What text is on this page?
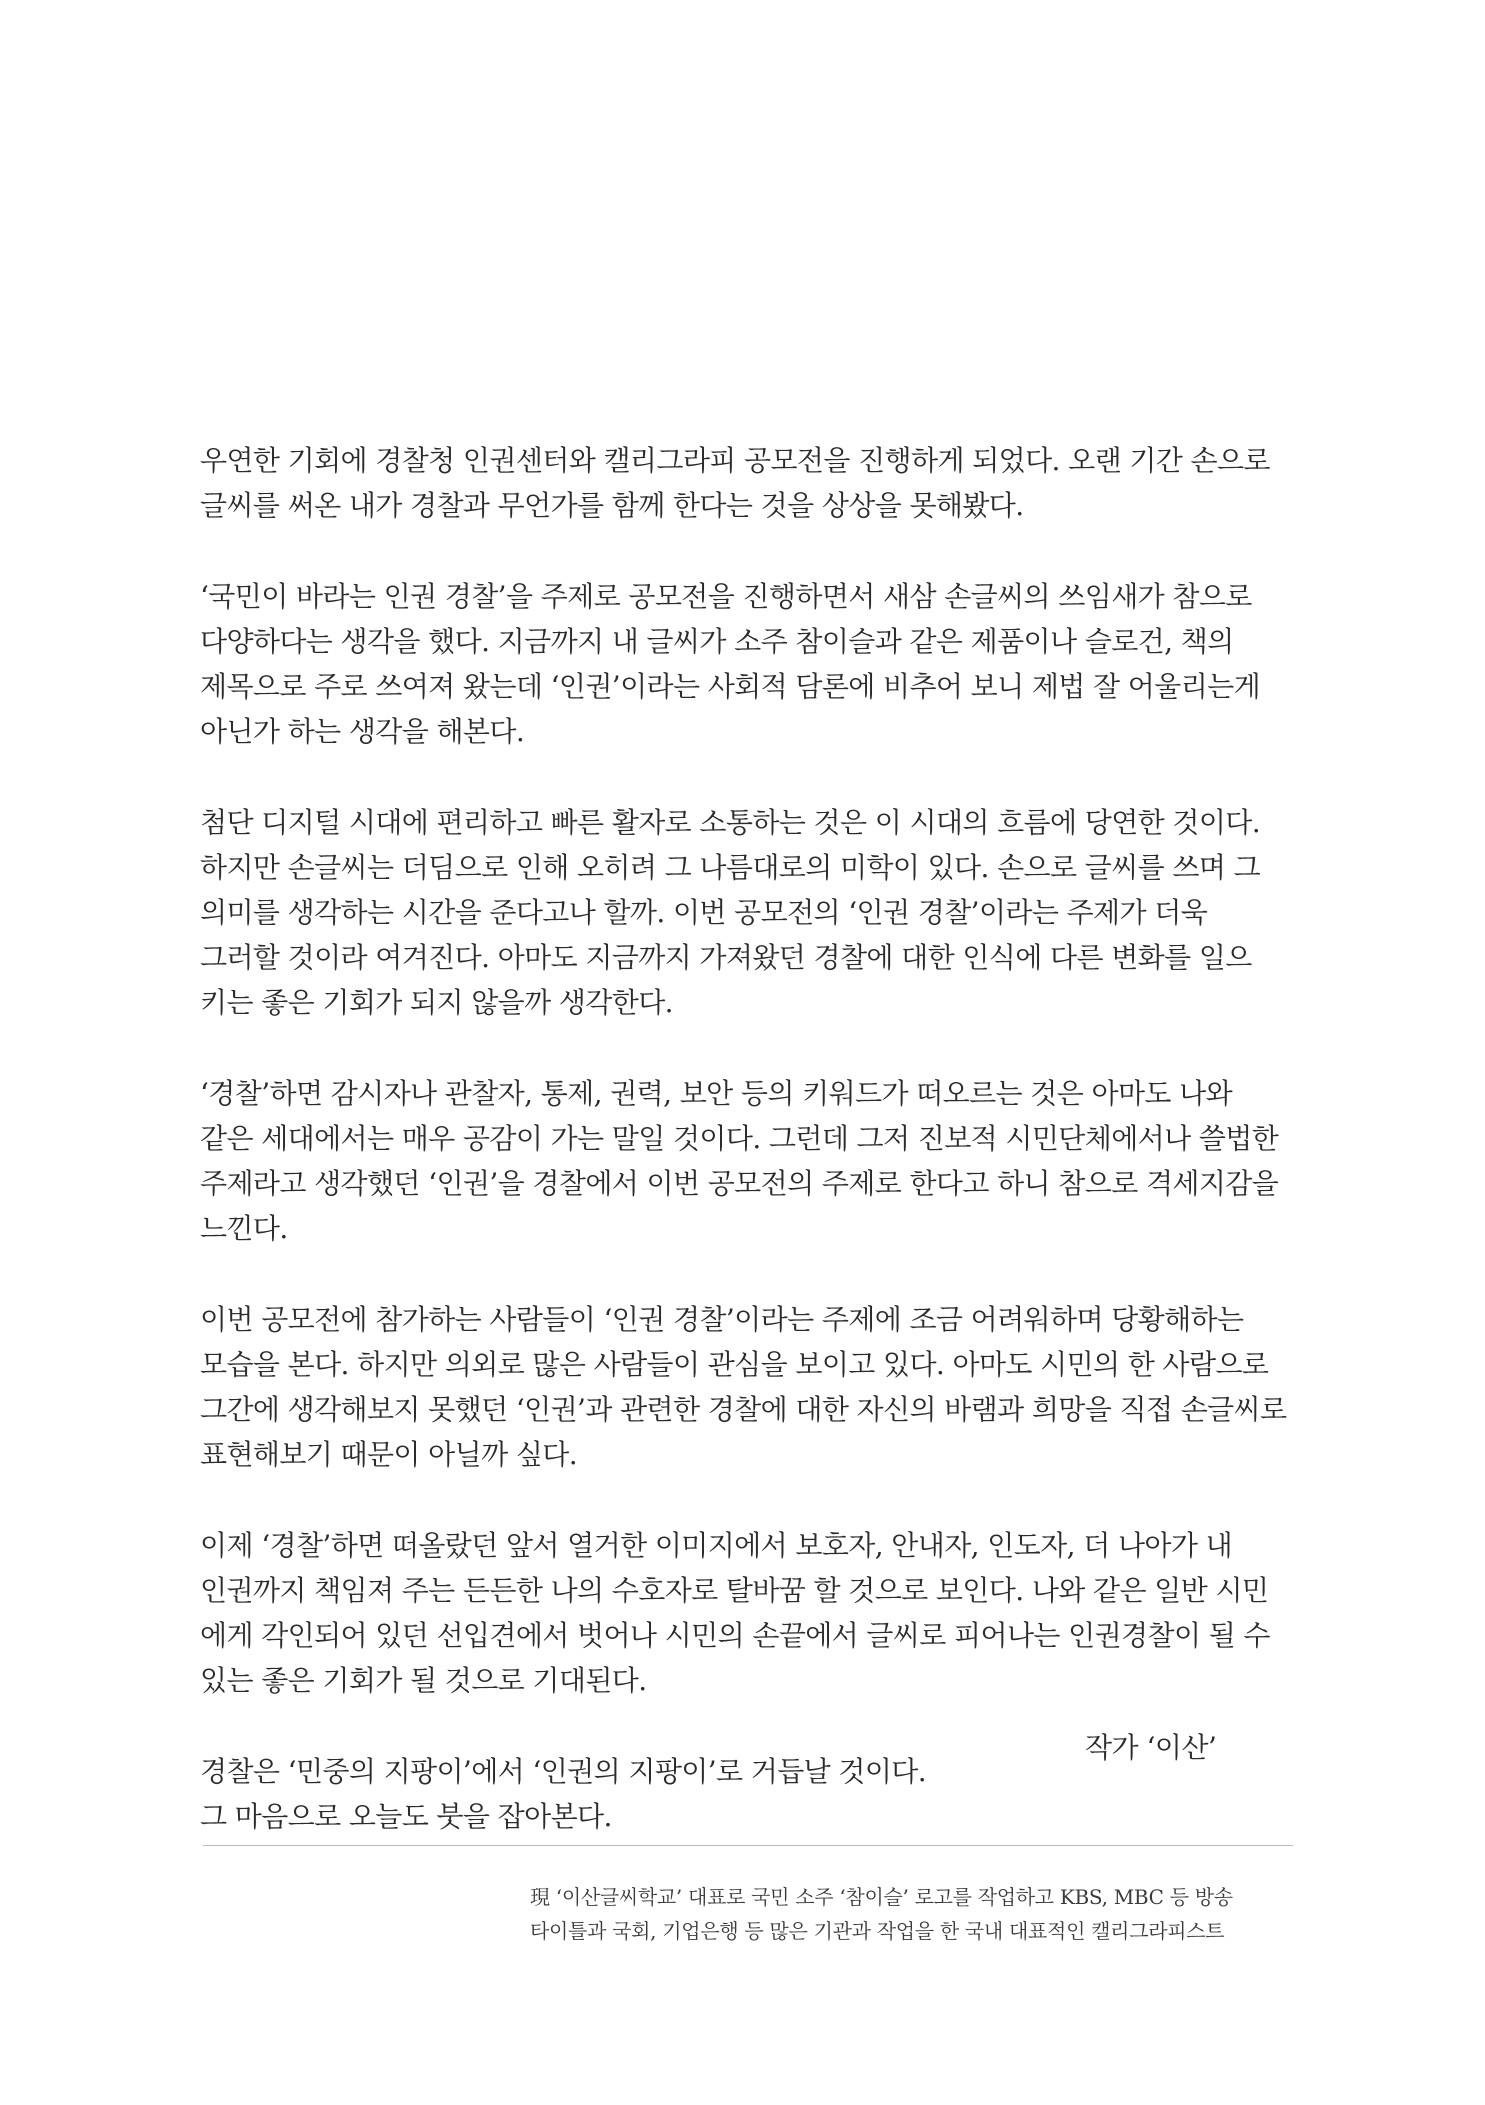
우연한 기회에 경찰청 인권센터와 캘리그라피 공모전을 진행하게 되었다. 오랜 기간 손으로
글씨를 써온 내가 경찰과 무언가를 함께 한다는 것을 상상을 못해봤다.

‘국민이 바라는 인권 경찰’을 주제로 공모전을 진행하면서 새삼 손글씨의 쓰임새가 참으로
다양하다는 생각을 했다. 지금까지 내 글씨가 소주 참이슬과 같은 제품이나 슬로건, 책의
제목으로 주로 쓰여져 왔는데 ‘인권’이라는 사회적 담론에 비추어 보니 제법 잘 어울리는게
아닌가 하는 생각을 해본다.

첨단 디지털 시대에 편리하고 빠른 활자로 소통하는 것은 이 시대의 흐름에 당연한 것이다.
하지만 손글씨는 더딤으로 인해 오히려 그 나름대로의 미학이 있다. 손으로 글씨를 쓰며 그
의미를 생각하는 시간을 준다고나 할까. 이번 공모전의 ‘인권 경찰’이라는 주제가 더욱
그러할 것이라 여겨진다. 아마도 지금까지 가져왔던 경찰에 대한 인식에 다른 변화를 일으
키는 좋은 기회가 되지 않을까 생각한다.

‘경찰’하면 감시자나 관찰자, 통제, 권력, 보안 등의 키워드가 떠오르는 것은 아마도 나와
같은 세대에서는 매우 공감이 가는 말일 것이다. 그런데 그저 진보적 시민단체에서나 쓸법한
주제라고 생각했던 ‘인권’을 경찰에서 이번 공모전의 주제로 한다고 하니 참으로 격세지감을
느낀다.

이번 공모전에 참가하는 사람들이 ‘인권 경찰’이라는 주제에 조금 어려워하며 당황해하는
모습을 본다. 하지만 의외로 많은 사람들이 관심을 보이고 있다. 아마도 시민의 한 사람으로
그간에 생각해보지 못했던 ‘인권’과 관련한 경찰에 대한 자신의 바램과 희망을 직접 손글씨로
표현해보기 때문이 아닐까 싶다.

이제 ‘경찰’하면 떠올랐던 앞서 열거한 이미지에서 보호자, 안내자, 인도자, 더 나아가 내
인권까지 책임져 주는 든든한 나의 수호자로 탈바꿈 할 것으로 보인다. 나와 같은 일반 시민
에게 각인되어 있던 선입견에서 벗어나 시민의 손끝에서 글씨로 피어나는 인권경찰이 될 수
있는 좋은 기회가 될 것으로 기대된다.

경찰은 ‘민중의 지팡이’에서 ‘인권의 지팡이’로 거듭날 것이다.
그 마음으로 오늘도 붓을 잡아본다.

작가 ‘이산’
現 ‘이산글씨학교’ 대표로 국민 소주 ‘참이슬’ 로고를 작업하고 KBS, MBC 등 방송
타이틀과 국회, 기업은행 등 많은 기관과 작업을 한 국내 대표적인 캘리그라피스트
